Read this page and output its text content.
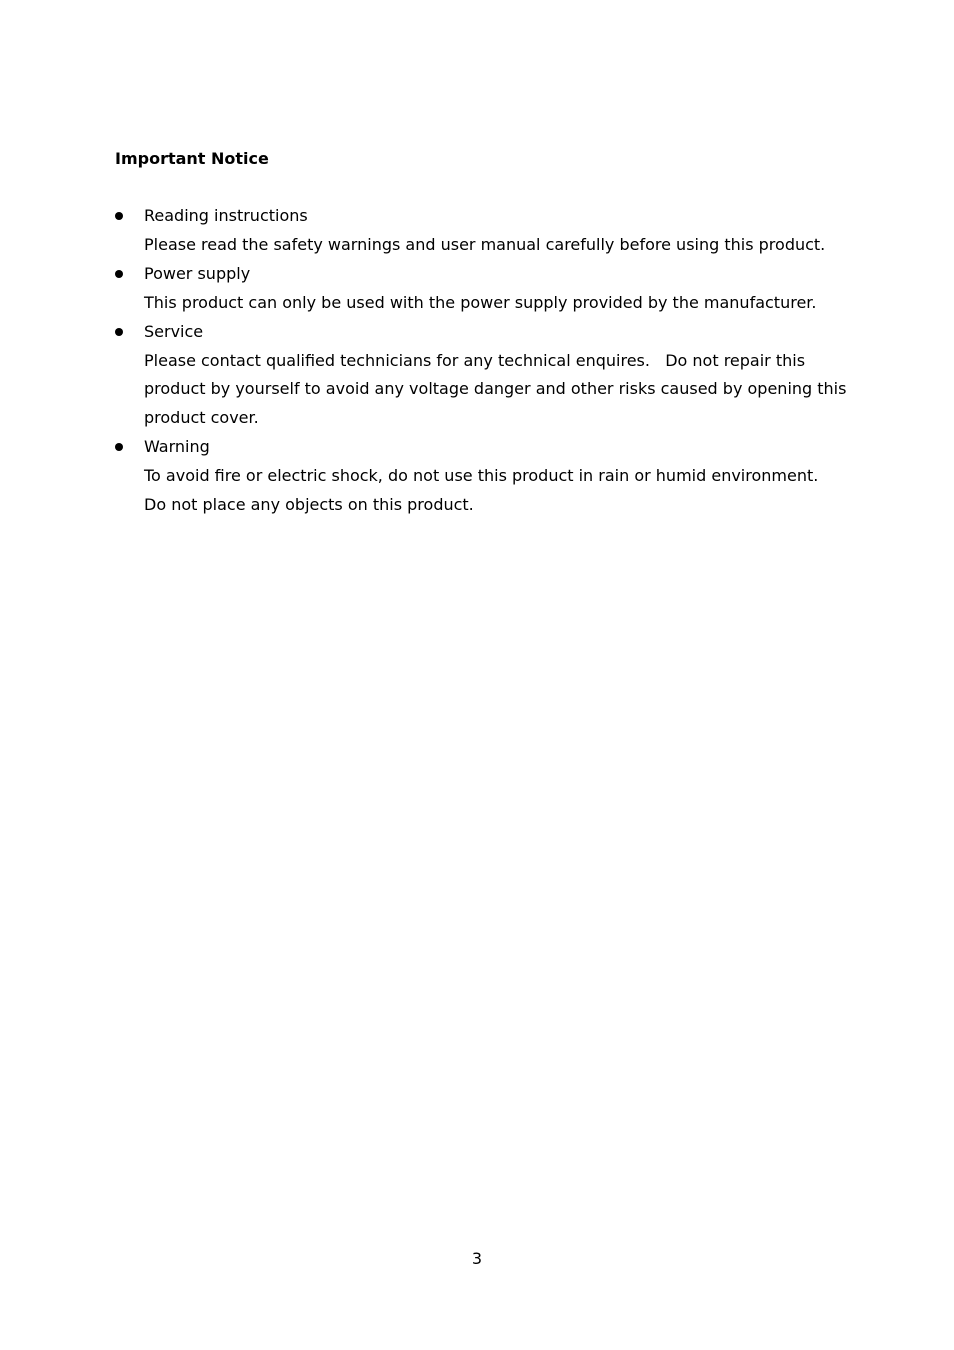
Important Notice
Reading instructions
Please read the safety warnings and user manual carefully before using this product.
Power supply
This product can only be used with the power supply provided by the manufacturer.
Service
Please contact qualified technicians for any technical enquires.   Do not repair this
product by yourself to avoid any voltage danger and other risks caused by opening this
product cover.
Warning
To avoid fire or electric shock, do not use this product in rain or humid environment.
Do not place any objects on this product.
3
